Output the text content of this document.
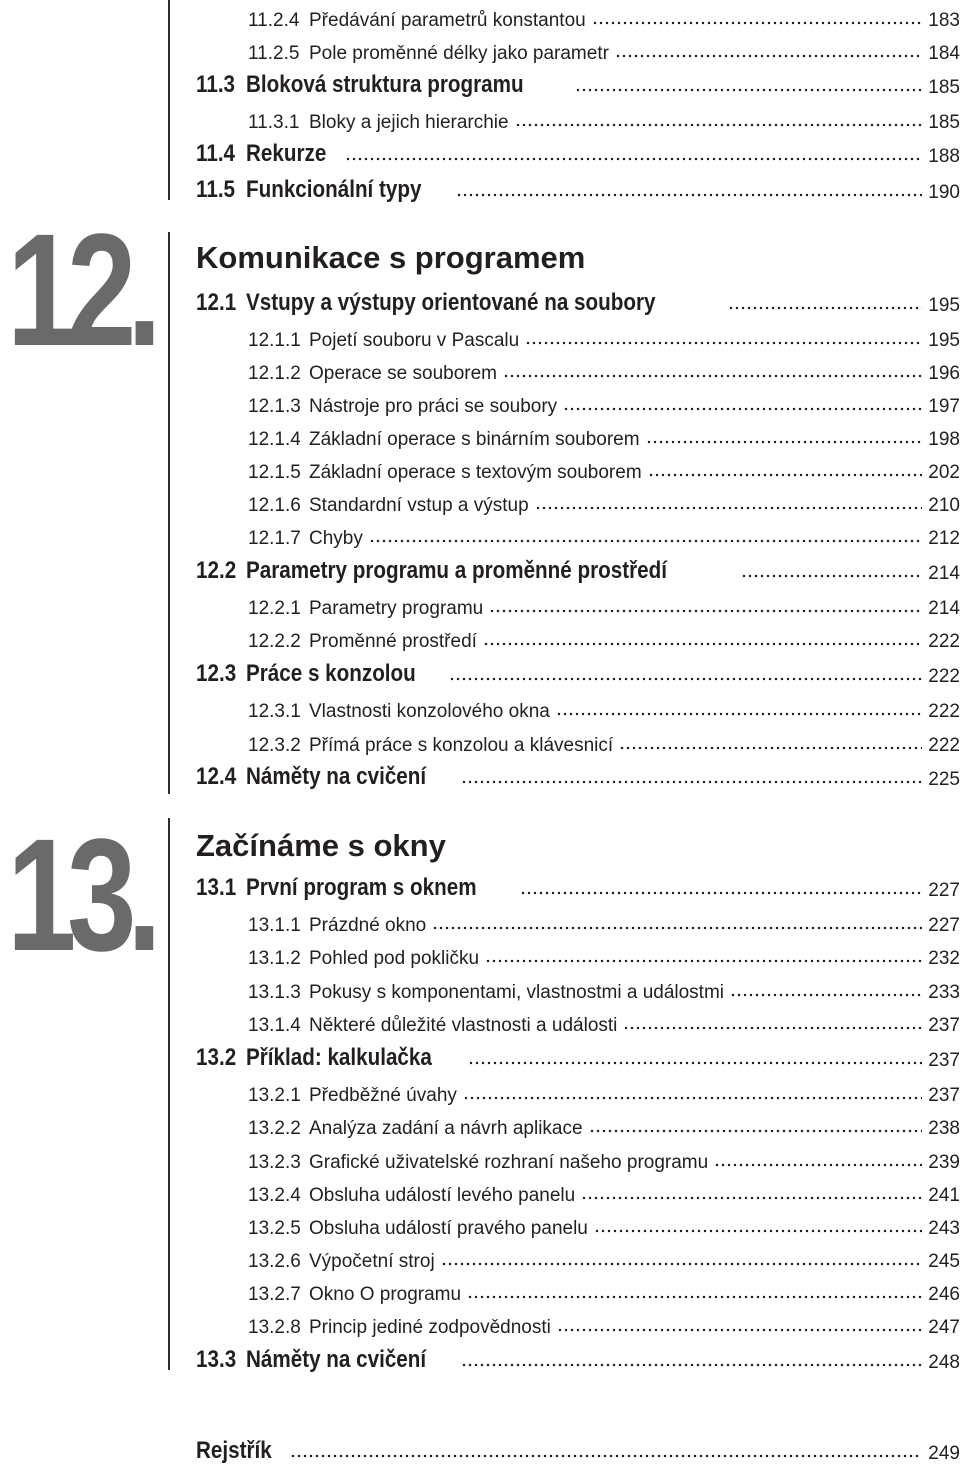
12.
13.
Komunikace s programem
Začínáme s okny
11.2.4 Předávání parametrů konstantou	183
11.2.5 Pole proměnné délky jako parametr	184
11.3 Bloková struktura programu	185
11.3.1 Bloky a jejich hierarchie	185
11.4 Rekurze	188
11.5 Funkcionální typy	190
12.1 Vstupy a výstupy orientované na soubory	195
12.1.1 Pojetí souboru v Pascalu	195
12.1.2 Operace se souborem	196
12.1.3 Nástroje pro práci se soubory	197
12.1.4 Základní operace s binárním souborem	198
12.1.5 Základní operace s textovým souborem	202
12.1.6 Standardní vstup a výstup	210
12.1.7 Chyby	212
12.2 Parametry programu a proměnné prostředí	214
12.2.1 Parametry programu	214
12.2.2 Proměnné prostředí	222
12.3 Práce s konzolou	222
12.3.1 Vlastnosti konzolového okna	222
12.3.2 Přímá práce s konzolou a klávesnicí	222
12.4 Náměty na cvičení	225
13.1 První program s oknem	227
13.1.1 Prázdné okno	227
13.1.2 Pohled pod pokličku	232
13.1.3 Pokusy s komponentami, vlastnostmi a událostmi	233
13.1.4 Některé důležité vlastnosti a události	237
13.2 Příklad: kalkulačka	237
13.2.1 Předběžné úvahy	237
13.2.2 Analýza zadání a návrh aplikace	238
13.2.3 Grafické uživatelské rozhraní našeho programu	239
13.2.4 Obsluha událostí levého panelu	241
13.2.5 Obsluha událostí pravého panelu	243
13.2.6 Výpočetní stroj	245
13.2.7 Okno O programu	246
13.2.8 Princip jediné zodpovědnosti	247
13.3 Náměty na cvičení	248
Rejstřík	249
